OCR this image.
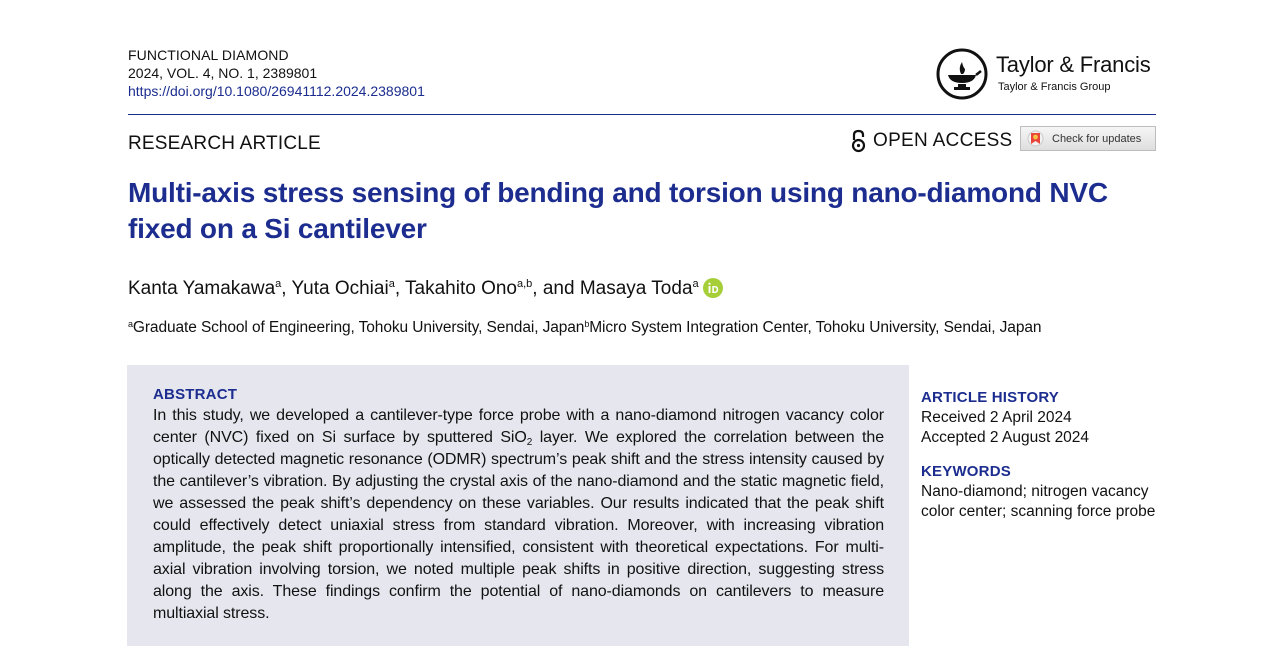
FUNCTIONAL DIAMOND
2024, VOL. 4, NO. 1, 2389801
https://doi.org/10.1080/26941112.2024.2389801
Taylor & Francis
Taylor & Francis Group
RESEARCH ARTICLE	OPEN ACCESS	Check for updates
Multi-axis stress sensing of bending and torsion using nano-diamond NVC fixed on a Si cantilever
Kanta Yamakawa$^a$, Yuta Ochiai$^a$, Takahito Ono$^{a,b}$, and Masaya Toda$^a$
$^a$Graduate School of Engineering, Tohoku University, Sendai, Japan$^b$Micro System Integration Center, Tohoku University, Sendai, Japan
ABSTRACT

In this study, we developed a cantilever-type force probe with a nano-diamond nitrogen vacancy color center (NVC) fixed on Si surface by sputtered SiO$_2$ layer. We explored the correlation between the optically detected magnetic resonance (ODMR) spectrum’s peak shift and the stress intensity caused by the cantilever’s vibration. By adjusting the crystal axis of the nano-diamond and the static magnetic field, we assessed the peak shift’s dependency on these variables. Our results indicated that the peak shift could effectively detect uniaxial stress from standard vibration. Moreover, with increasing vibration amplitude, the peak shift proportionally intensified, consistent with theoretical expectations. For multi-axial vibration involving torsion, we noted multiple peak shifts in positive direction, suggesting stress along the axis. These findings confirm the potential of nano-diamonds on cantilevers to measure multiaxial stress.

ARTICLE HISTORY
Received 2 April 2024
Accepted 2 August 2024
KEYWORDS
Nano-diamond; nitrogen vacancy color center; scanning force probe
